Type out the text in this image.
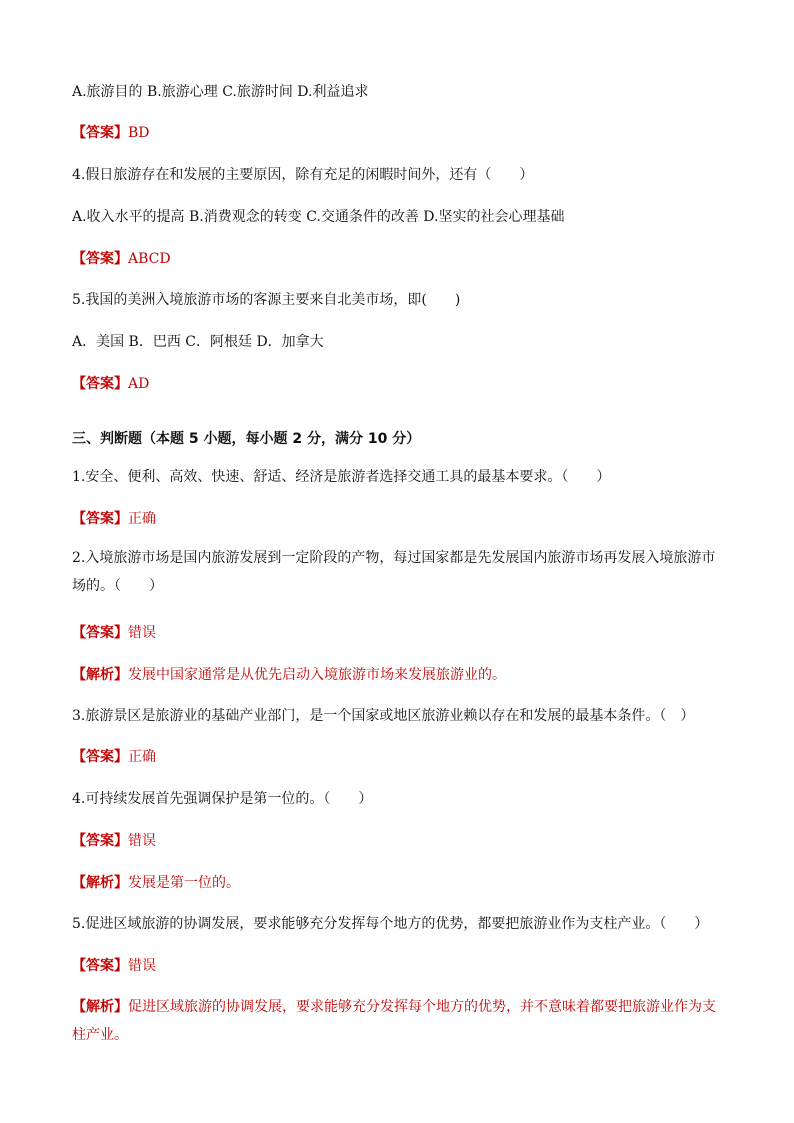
A.旅游目的 B.旅游心理 C.旅游时间 D.利益追求
【答案】BD
4.假日旅游存在和发展的主要原因，除有充足的闲暇时间外，还有（　　）
A.收入水平的提高 B.消费观念的转变 C.交通条件的改善 D.坚实的社会心理基础
【答案】ABCD
5.我国的美洲入境旅游市场的客源主要来自北美市场，即(　　)
A．美国 B．巴西 C．阿根廷 D．加拿大
【答案】AD
三、判断题（本题 5 小题，每小题 2 分，满分 10 分）
1.安全、便利、高效、快速、舒适、经济是旅游者选择交通工具的最基本要求。（　　）
【答案】正确
2.入境旅游市场是国内旅游发展到一定阶段的产物，每过国家都是先发展国内旅游市场再发展入境旅游市场的。（　　）
【答案】错误
【解析】发展中国家通常是从优先启动入境旅游市场来发展旅游业的。
3.旅游景区是旅游业的基础产业部门，是一个国家或地区旅游业赖以存在和发展的最基本条件。（　）
【答案】正确
4.可持续发展首先强调保护是第一位的。（　　）
【答案】错误
【解析】发展是第一位的。
5.促进区域旅游的协调发展，要求能够充分发挥每个地方的优势，都要把旅游业作为支柱产业。（　　）
【答案】错误
【解析】促进区域旅游的协调发展，要求能够充分发挥每个地方的优势，并不意味着都要把旅游业作为支柱产业。
